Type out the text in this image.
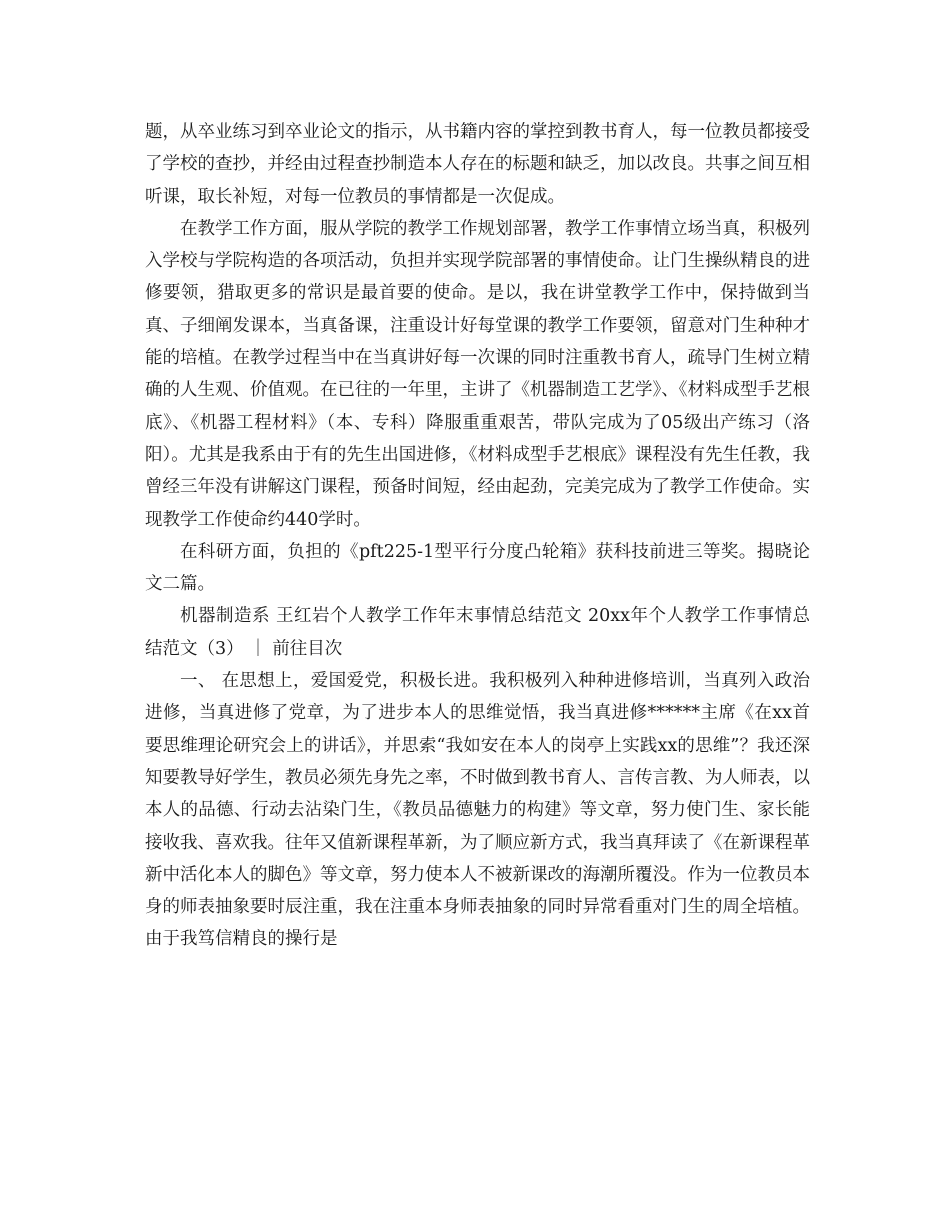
题，从卒业练习到卒业论文的指示，从书籍内容的掌控到教书育人，每一位教员都接受了学校的查抄，并经由过程查抄制造本人存在的标题和缺乏，加以改良。共事之间互相听课，取长补短，对每一位教员的事情都是一次促成。

在教学工作方面，服从学院的教学工作规划部署，教学工作事情立场当真，积极列入学校与学院构造的各项活动，负担并实现学院部署的事情使命。让门生操纵精良的进修要领，猎取更多的常识是最首要的使命。是以，我在讲堂教学工作中，保持做到当真、子细阐发课本，当真备课，注重设计好每堂课的教学工作要领，留意对门生种种才能的培植。在教学过程当中在当真讲好每一次课的同时注重教书育人，疏导门生树立精确的人生观、价值观。在已往的一年里，主讲了《机器制造工艺学》、《材料成型手艺根底》、《机器工程材料》（本、专科）降服重重艰苦，带队完成为了05级出产练习（洛阳）。尤其是我系由于有的先生出国进修，《材料成型手艺根底》课程没有先生任教，我曾经三年没有讲解这门课程，预备时间短，经由起劲，完美完成为了教学工作使命。实现教学工作使命约440学时。

在科研方面，负担的《pft225-1型平行分度凸轮箱》获科技前进三等奖。揭晓论文二篇。

机器制造系 王红岩个人教学工作年末事情总结范文 20xx年个人教学工作事情总结范文（3） ｜ 前往目次

一、 在思想上，爱国爱党，积极长进。我积极列入种种进修培训，当真列入政治进修，当真进修了党章，为了进步本人的思维觉悟，我当真进修******主席《在xx首要思维理论研究会上的讲话》，并思索“我如安在本人的岗亭上实践xx的思维”？我还深知要教导好学生，教员必须先身先之率，不时做到教书育人、言传言教、为人师表，以本人的品德、行动去沾染门生，《教员品德魅力的构建》等文章，努力使门生、家长能接收我、喜欢我。往年又值新课程革新，为了顺应新方式，我当真拜读了《在新课程革新中活化本人的脚色》等文章，努力使本人不被新课改的海潮所覆没。作为一位教员本身的师表抽象要时辰注重，我在注重本身师表抽象的同时异常看重对门生的周全培植。由于我笃信精良的操行是
